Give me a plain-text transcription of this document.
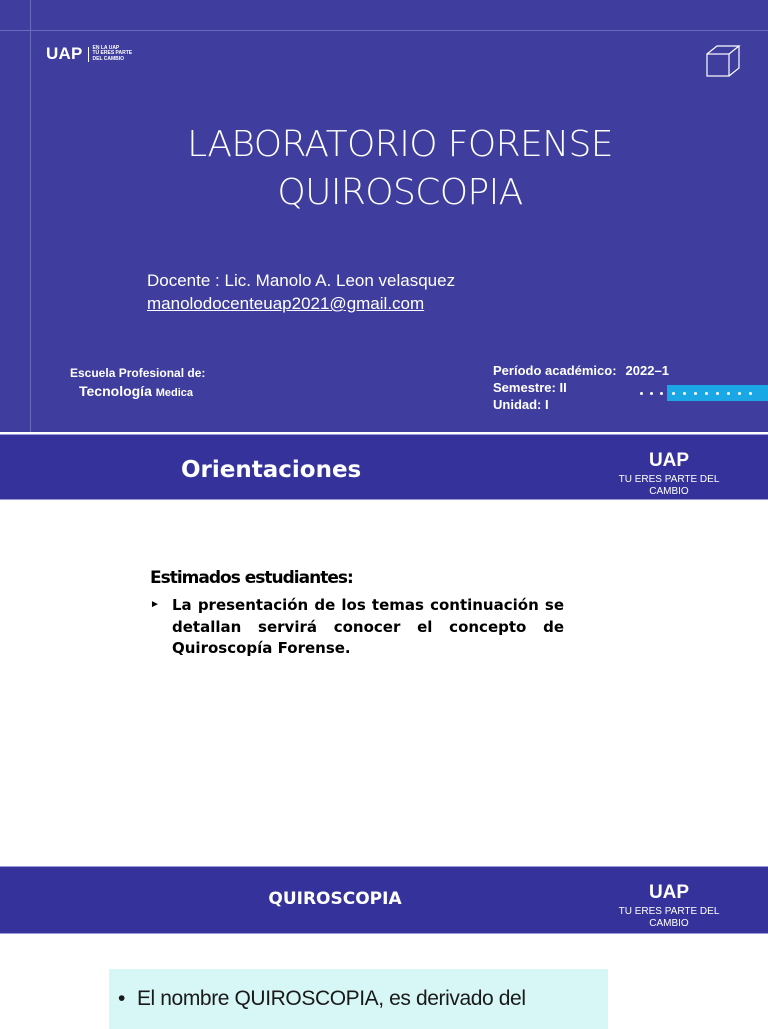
UAP EN LA UAP
TÚ ERES PARTE
DEL CAMBIO
LABORATORIO FORENSE
QUIROSCOPIA
Docente : Lic. Manolo A. Leon velasquez
manolodocenteuap2021@gmail.com
Escuela Profesional de:
Tecnología Medica
Período académico: 2022–1
Semestre: II
Unidad: I
Orientaciones	UAP
TU ERES PARTE DEL CAMBIO
Estimados estudiantes:
► La presentación de los temas continuación se detallan servirá conocer el concepto de Quiroscopía Forense.
QUIROSCOPIA	UAP
TU ERES PARTE DEL CAMBIO
• El nombre QUIROSCOPIA, es derivado del
